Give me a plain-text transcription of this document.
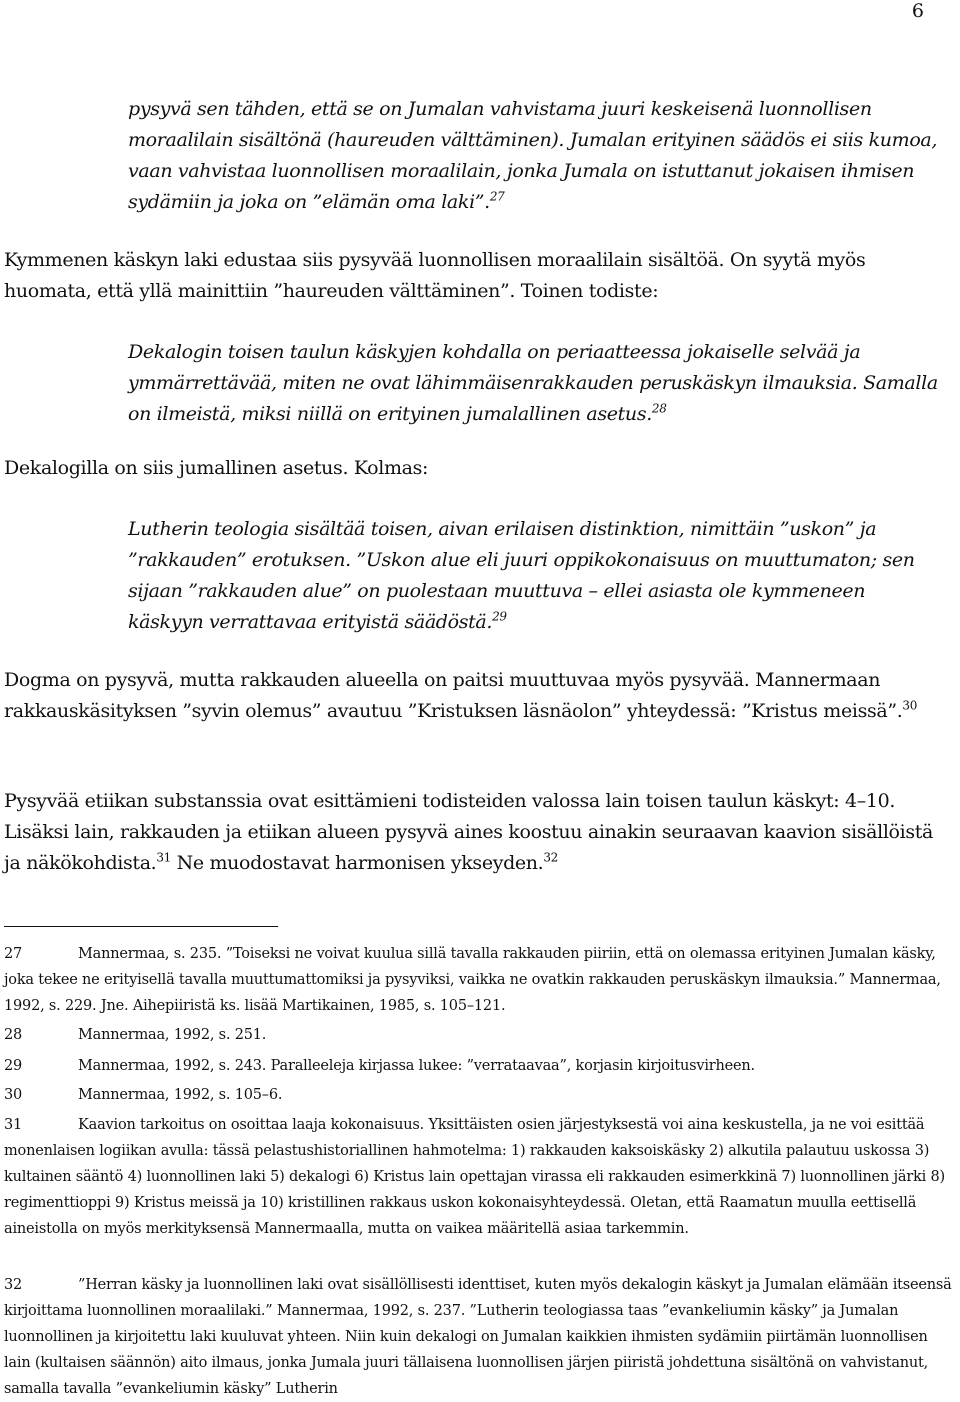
6

pysyvä sen tähden, että se on Jumalan vahvistama juuri keskeisenä luonnollisen moraalilain sisältönä (haureuden välttäminen). Jumalan erityinen säädös ei siis kumoa, vaan vahvistaa luonnollisen moraalilain, jonka Jumala on istuttanut jokaisen ihmisen sydämiin ja joka on ”elämän oma laki”.$^{27}$

Kymmenen käskyn laki edustaa siis pysyvää luonnollisen moraalilain sisältöä. On syytä myös huomata, että yllä mainittiin ”haureuden välttäminen”. Toinen todiste:

Dekalogin toisen taulun käskyjen kohdalla on periaatteessa jokaiselle selvää ja ymmärrettävää, miten ne ovat lähimmäisenrakkauden peruskäskyn ilmauksia. Samalla on ilmeistä, miksi niillä on erityinen jumalallinen asetus.$^{28}$

Dekalogilla on siis jumallinen asetus. Kolmas:

Lutherin teologia sisältää toisen, aivan erilaisen distinktion, nimittäin ”uskon” ja ”rakkauden” erotuksen. ”Uskon alue eli juuri oppikokonaisuus on muuttumaton; sen sijaan ”rakkauden alue” on puolestaan muuttuva – ellei asiasta ole kymmeneen käskyyn verrattavaa erityistä säädöstä.$^{29}$

Dogma on pysyvä, mutta rakkauden alueella on paitsi muuttuvaa myös pysyvää. Mannermaan rakkauskäsityksen ”syvin olemus” avautuu ”Kristuksen läsnäolon” yhteydessä: ”Kristus meissä”.$^{30}$

Pysyvää etiikan substanssia ovat esittämieni todisteiden valossa lain toisen taulun käskyt: 4–10. Lisäksi lain, rakkauden ja etiikan alueen pysyvä aines koostuu ainakin seuraavan kaavion sisällöistä ja näkökohdista.$^{31}$ Ne muodostavat harmonisen ykseyden.$^{32}$

27	Mannermaa, s. 235. ”Toiseksi ne voivat kuulua sillä tavalla rakkauden piiriin, että on olemassa erityinen Jumalan käsky, joka tekee ne erityisellä tavalla muuttumattomiksi ja pysyviksi, vaikka ne ovatkin rakkauden peruskäskyn ilmauksia.” Mannermaa, 1992, s. 229. Jne. Aihepiiristä ks. lisää Martikainen, 1985, s. 105–121.

28	Mannermaa, 1992, s. 251.

29	Mannermaa, 1992, s. 243. Paralleeleja kirjassa lukee: ”verrataavaa”, korjasin kirjoitusvirheen.

30	Mannermaa, 1992, s. 105–6.

31	Kaavion tarkoitus on osoittaa laaja kokonaisuus. Yksittäisten osien järjestyksestä voi aina keskustella, ja ne voi esittää monenlaisen logiikan avulla: tässä pelastushistoriallinen hahmotelma: 1) rakkauden kaksoiskäsky 2) alkutila palautuu uskossa 3) kultainen sääntö 4) luonnollinen laki 5) dekalogi 6) Kristus lain opettajan virassa eli rakkauden esimerkkinä 7) luonnollinen järki 8) regimenttioppi 9) Kristus meissä ja 10) kristillinen rakkaus uskon kokonaisyhteydessä. Oletan, että Raamatun muulla eettisellä aineistolla on myös merkityksensä Mannermaalla, mutta on vaikea määritellä asiaa tarkemmin.

32	”Herran käsky ja luonnollinen laki ovat sisällöllisesti identtiset, kuten myös dekalogin käskyt ja Jumalan elämään itseensä kirjoittama luonnollinen moraalilaki.” Mannermaa, 1992, s. 237. ”Lutherin teologiassa taas ”evankeliumin käsky” ja Jumalan luonnollinen ja kirjoitettu laki kuuluvat yhteen. Niin kuin dekalogi on Jumalan kaikkien ihmisten sydämiin piirtämän luonnollisen lain (kultaisen säännön) aito ilmaus, jonka Jumala juuri tällaisena luonnollisen järjen piiristä johdettuna sisältönä on vahvistanut, samalla tavalla ”evankeliumin käsky” Lutherin
